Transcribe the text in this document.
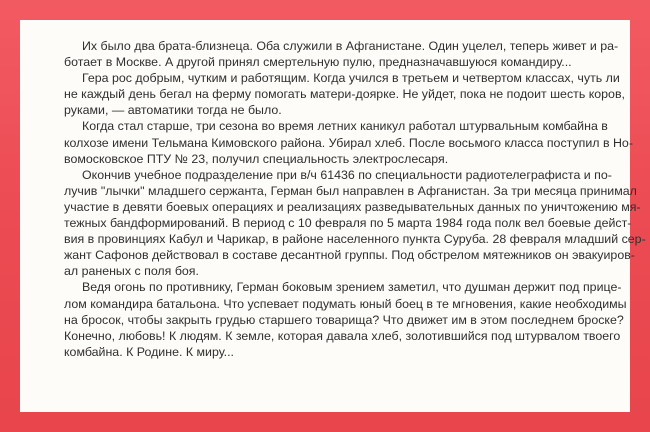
Их было два брата-близнеца. Оба служили в Афганистане. Один уцелел, теперь живет и ра-
ботает в Москве. А другой принял смертельную пулю, предназначавшуюся командиру...

Гера рос добрым, чутким и работящим. Когда учился в третьем и четвертом классах, чуть ли
не каждый день бегал на ферму помогать матери-доярке. Не уйдет, пока не подоит шесть коров,
руками, — автоматики тогда не было.

Когда стал старше, три сезона во время летних каникул работал штурвальным комбайна в
колхозе имени Тельмана Кимовского района. Убирал хлеб. После восьмого класса поступил в Но-
вомосковское ПТУ № 23, получил специальность электрослесаря.

Окончив учебное подразделение при в/ч 61436 по специальности радиотелеграфиста и по-
лучив "лычки" младшего сержанта, Герман был направлен в Афганистан. За три месяца принимал
участие в девяти боевых операциях и реализациях разведывательных данных по уничтожению мя-
тежных бандформирований. В период с 10 февраля по 5 марта 1984 года полк вел боевые дейст-
вия в провинциях Кабул и Чарикар, в районе населенного пункта Суруба. 28 февраля младший сер-
жант Сафонов действовал в составе десантной группы. Под обстрелом мятежников он эвакуиров-
ал раненых с поля боя.

Ведя огонь по противнику, Герман боковым зрением заметил, что душман держит под прице-
лом командира батальона. Что успевает подумать юный боец в те мгновения, какие необходимы
на бросок, чтобы закрыть грудью старшего товарища? Что движет им в этом последнем броске?
Конечно, любовь! К людям. К земле, которая давала хлеб, золотившийся под штурвалом твоего
комбайна. К Родине. К миру...
